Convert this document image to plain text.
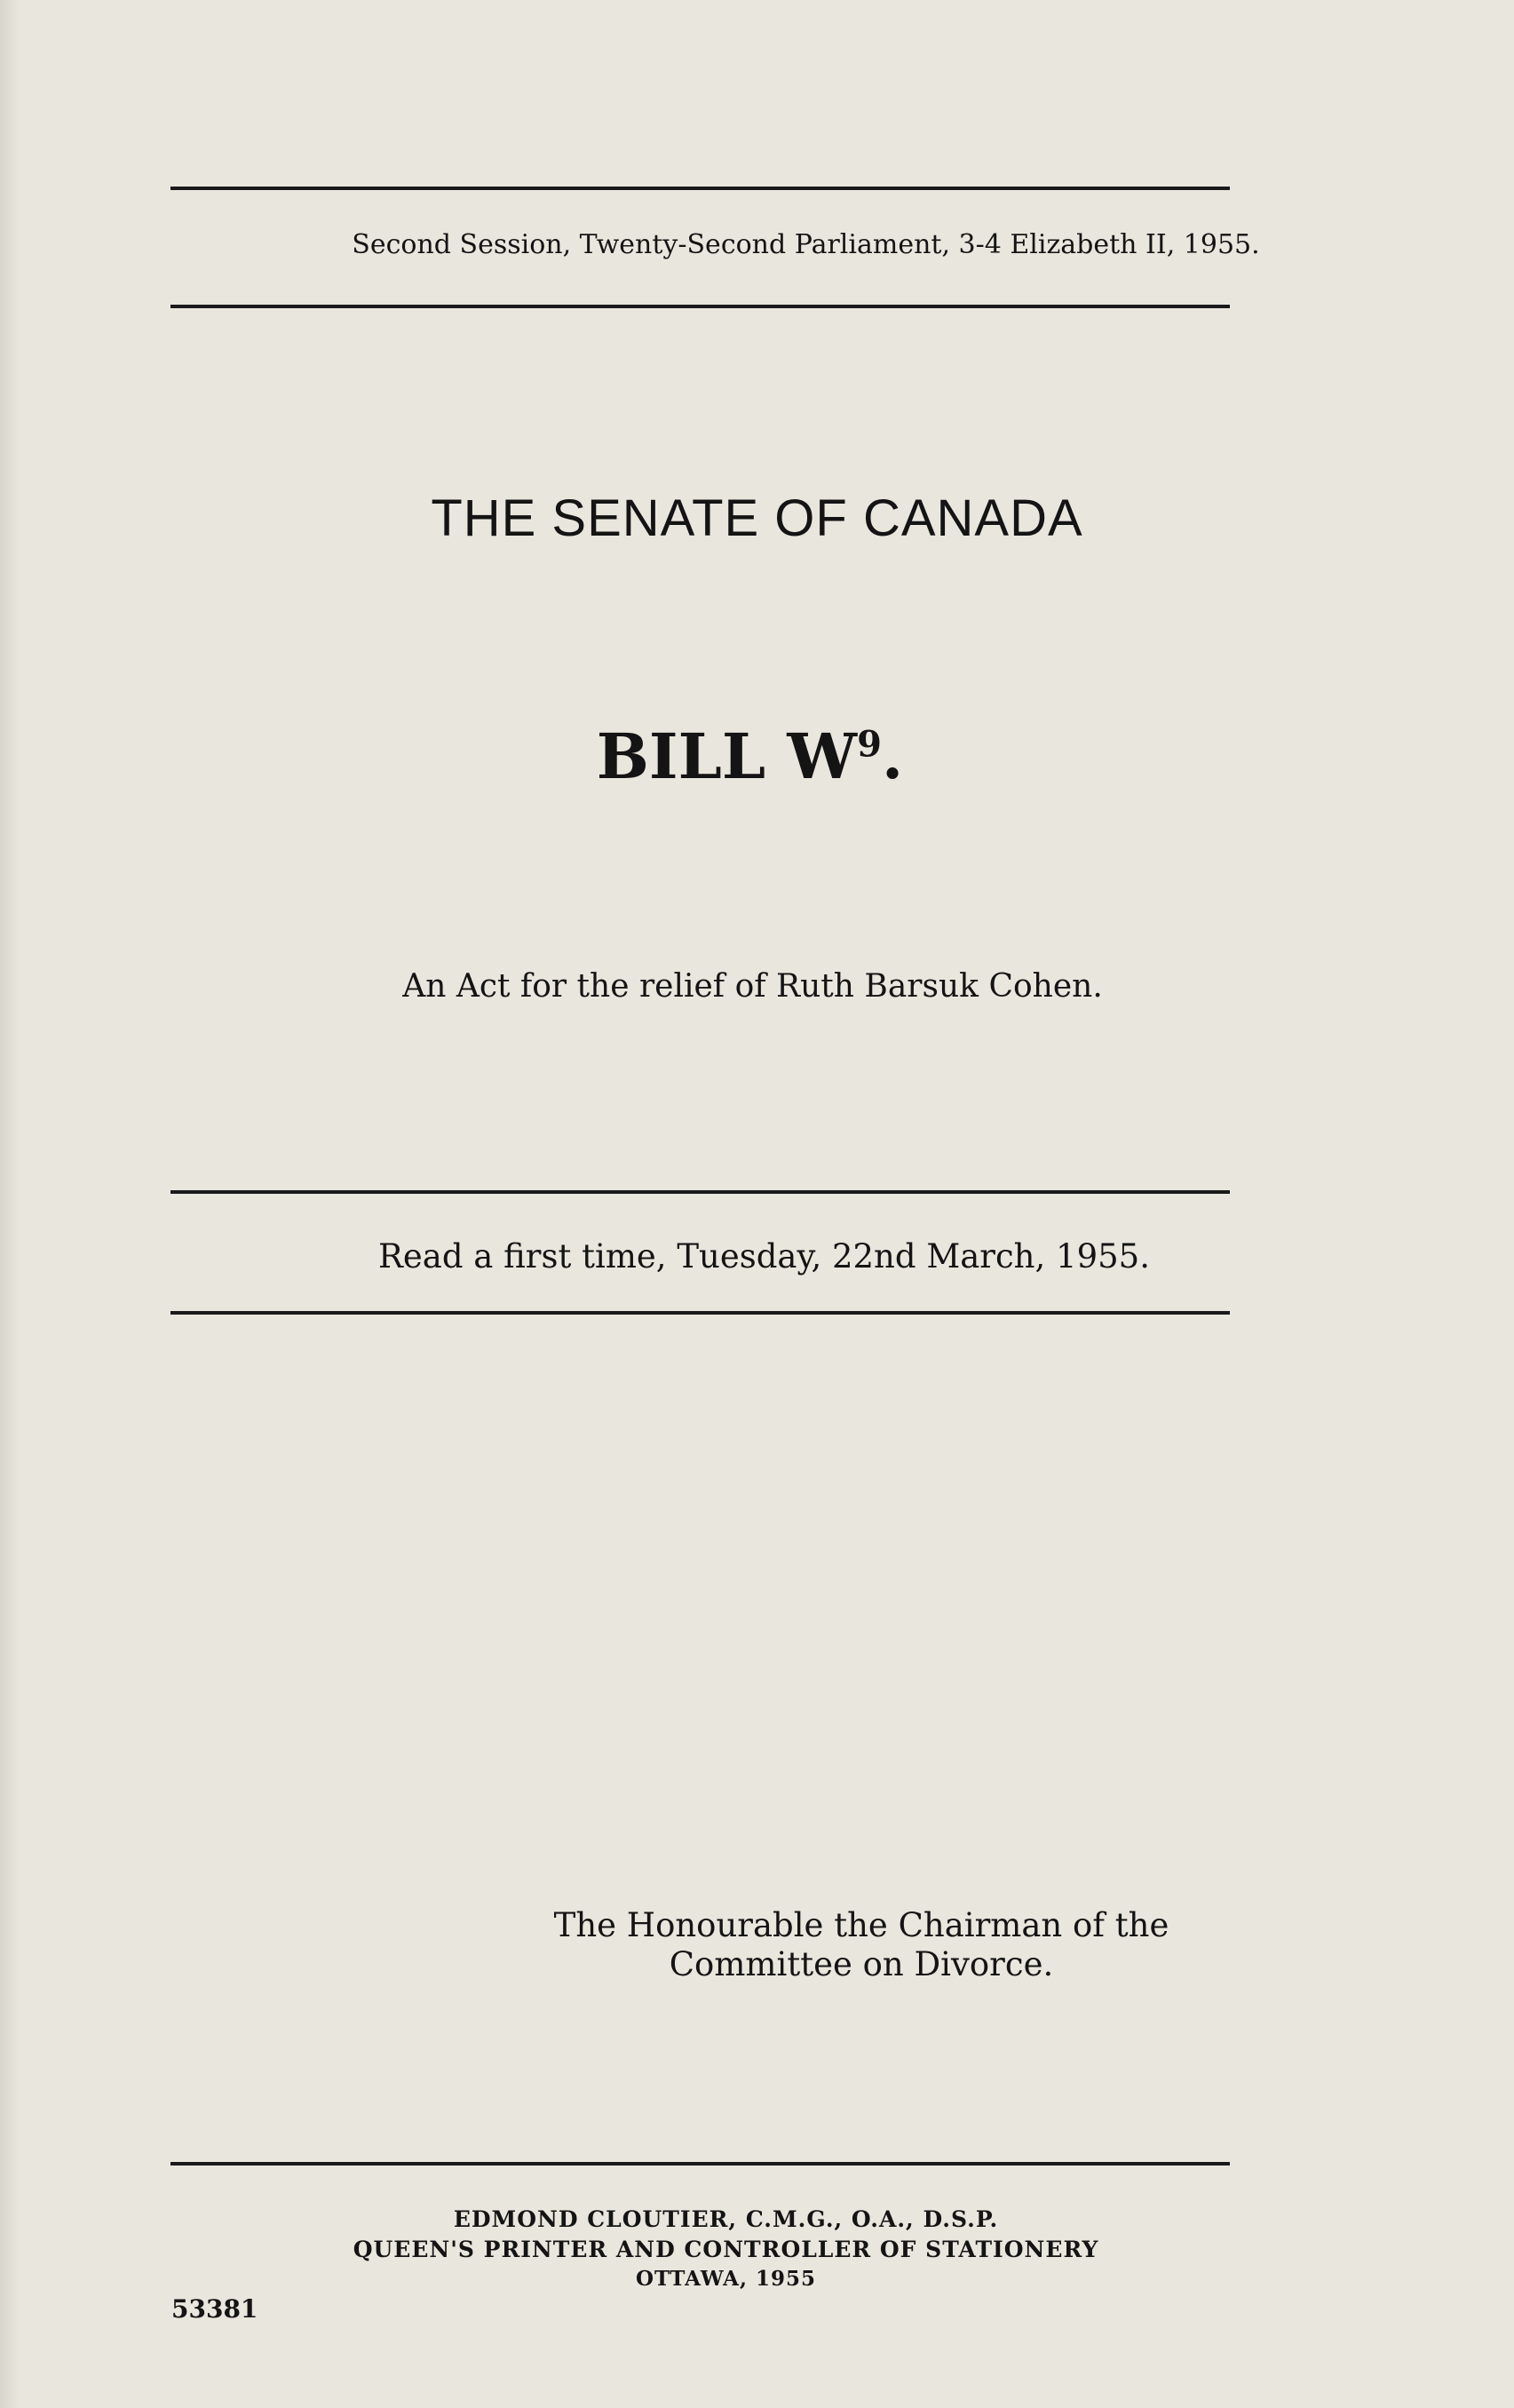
Second Session, Twenty-Second Parliament, 3-4 Elizabeth II, 1955.
THE SENATE OF CANADA
BILL $W^9$.
An Act for the relief of Ruth Barsuk Cohen.
Read a first time, Tuesday, 22nd March, 1955.
The Honourable the Chairman of the
Committee on Divorce.
EDMOND CLOUTIER, C.M.G., O.A., D.S.P.
QUEEN'S PRINTER AND CONTROLLER OF STATIONERY
OTTAWA, 1955
53381
